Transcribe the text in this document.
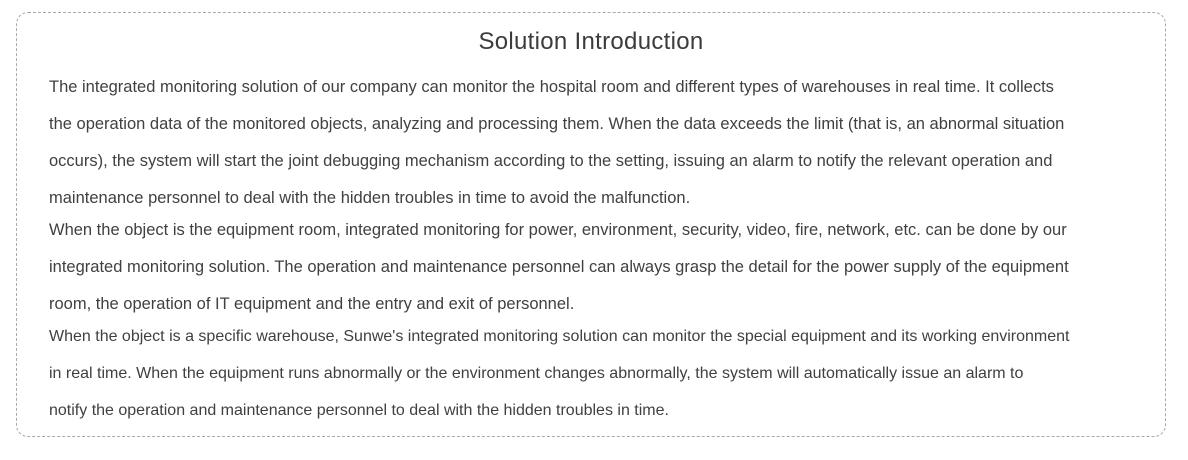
Solution Introduction
The integrated monitoring solution of our company can monitor the hospital room and different types of warehouses in real time. It collects
the operation data of the monitored objects, analyzing and processing them. When the data exceeds the limit (that is, an abnormal situation
occurs), the system will start the joint debugging mechanism according to the setting, issuing an alarm to notify the relevant operation and
maintenance personnel to deal with the hidden troubles in time to avoid the malfunction.
When the object is the equipment room, integrated monitoring for power, environment, security, video, fire, network, etc. can be done by our
integrated monitoring solution. The operation and maintenance personnel can always grasp the detail for the power supply of the equipment
room, the operation of IT equipment and the entry and exit of personnel.
When the object is a specific warehouse, Sunwe's integrated monitoring solution can monitor the special equipment and its working environment
in real time. When the equipment runs abnormally or the environment changes abnormally, the system will automatically issue an alarm to
notify the operation and maintenance personnel to deal with the hidden troubles in time.
